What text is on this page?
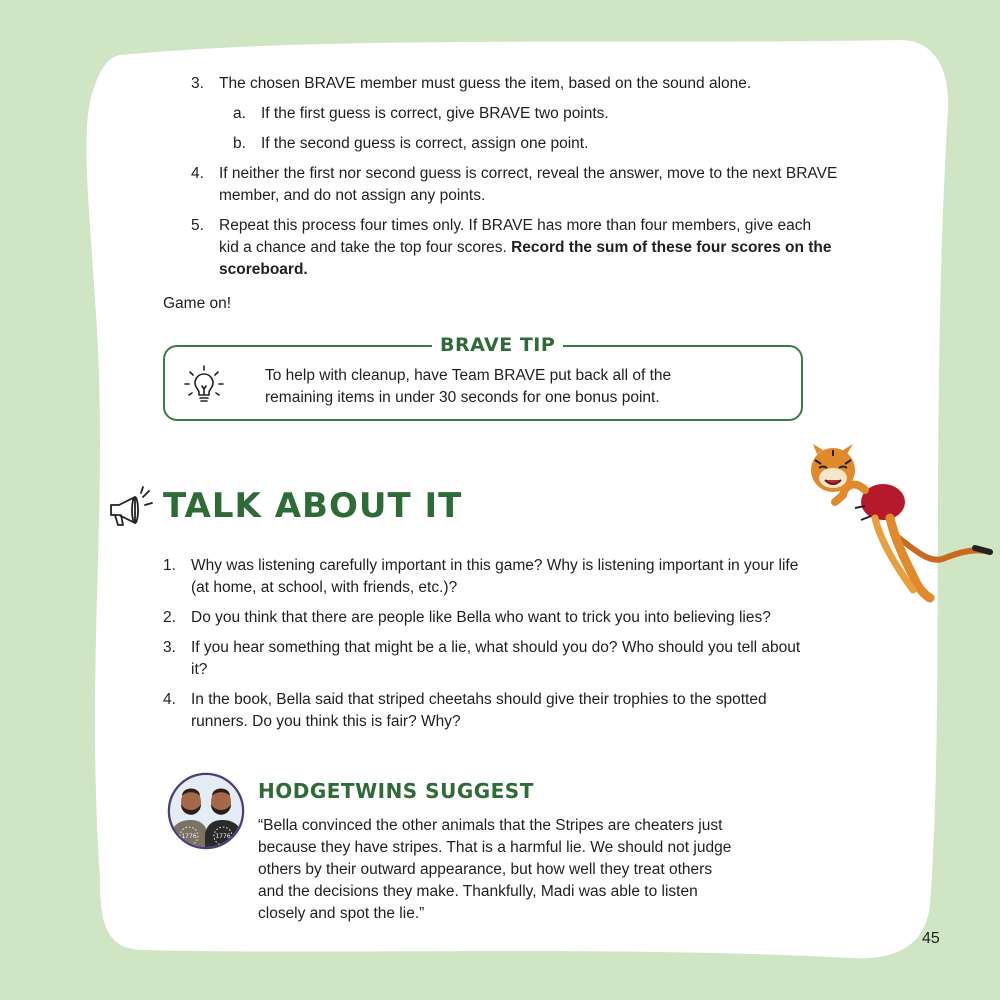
3. The chosen BRAVE member must guess the item, based on the sound alone.
a. If the first guess is correct, give BRAVE two points.
b. If the second guess is correct, assign one point.
4. If neither the first nor second guess is correct, reveal the answer, move to the next BRAVE
member, and do not assign any points.
5. Repeat this process four times only. If BRAVE has more than four members, give each
kid a chance and take the top four scores. Record the sum of these four scores on the
scoreboard.
Game on!
BRAVE TIP
To help with cleanup, have Team BRAVE put back all of the
remaining items in under 30 seconds for one bonus point.
TALK ABOUT IT
1. Why was listening carefully important in this game? Why is listening important in your life
(at home, at school, with friends, etc.)?
2. Do you think that there are people like Bella who want to trick you into believing lies?
3. If you hear something that might be a lie, what should you do? Who should you tell about
it?
4. In the book, Bella said that striped cheetahs should give their trophies to the spotted
runners. Do you think this is fair? Why?
1776	1776
HODGETWINS SUGGEST
“Bella convinced the other animals that the Stripes are cheaters just
because they have stripes. That is a harmful lie. We should not judge
others by their outward appearance, but how well they treat others
and the decisions they make. Thankfully, Madi was able to listen
closely and spot the lie.”
45
